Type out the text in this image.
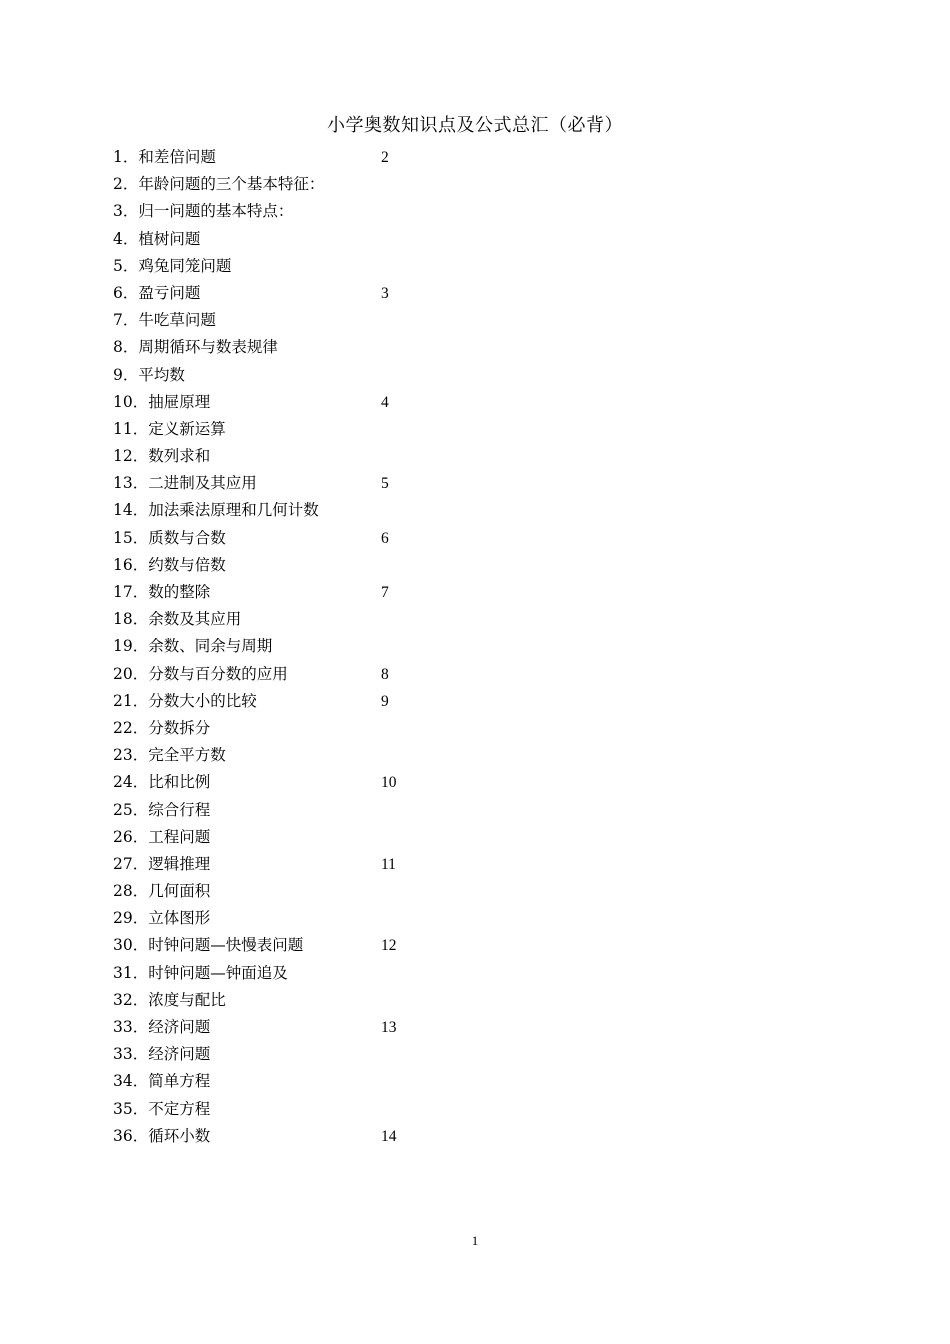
小学奥数知识点及公式总汇（必背）
1．和差倍问题	2
2．年龄问题的三个基本特征：
3．归一问题的基本特点：
4．植树问题
5．鸡兔同笼问题
6．盈亏问题	3
7．牛吃草问题
8．周期循环与数表规律
9．平均数
10．抽屉原理	4
11．定义新运算
12．数列求和
13．二进制及其应用	5
14．加法乘法原理和几何计数
15．质数与合数	6
16．约数与倍数
17．数的整除	7
18．余数及其应用
19．余数、同余与周期
20．分数与百分数的应用	8
21．分数大小的比较	9
22．分数拆分
23．完全平方数
24．比和比例	10
25．综合行程
26．工程问题
27．逻辑推理	11
28．几何面积
29．立体图形
30．时钟问题—快慢表问题	12
31．时钟问题—钟面追及
32．浓度与配比
33．经济问题	13
33．经济问题
34．简单方程
35．不定方程
36．循环小数	14
1
